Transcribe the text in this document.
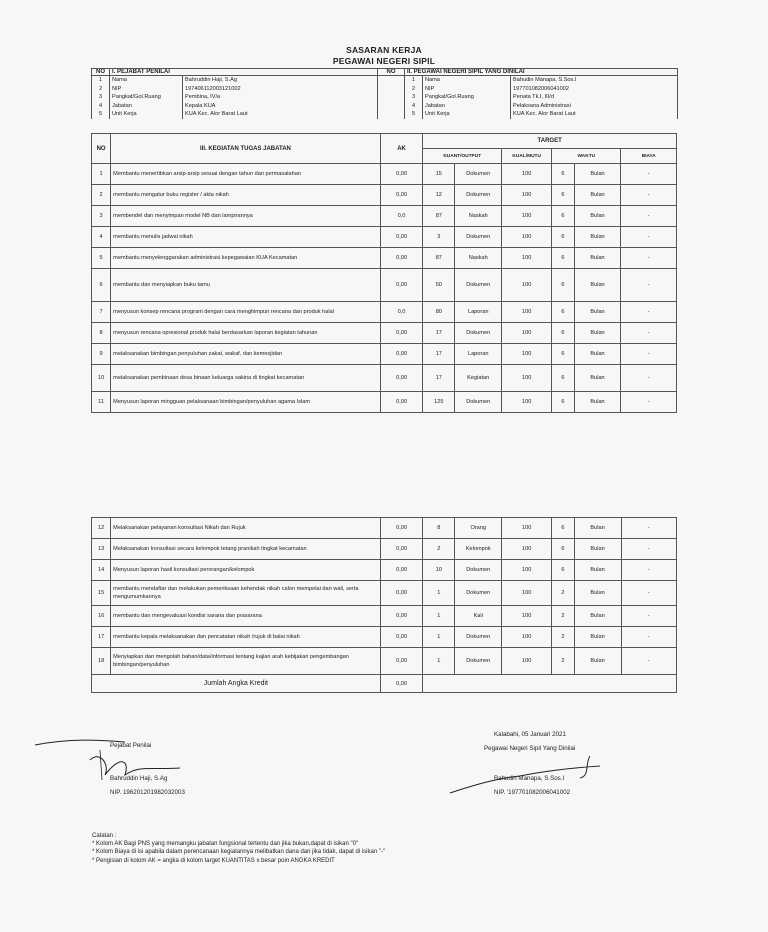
SASARAN KERJA
PEGAWAI NEGERI SIPIL
NO	I. PEJABAT PENILAI		NO	II. PEGAWAI NEGERI SIPIL YANG DINILAI		
1	Nama	Bahruddin Haji, S.Ag		1	Nama	Bahudin Manapa, S.Sos.I
2	NIP	197406112003121002		2	NIP	197701082006041002
3	Pangkat/Gol.Ruang	Pembina, IV/a		3	Pangkat/Gol.Ruang	Penata Tk.I, III/d
4	Jabatan	Kepala KUA		4	Jabatan	Pelaksana Administrasi
5	Unit Kerja	KUA Kec. Alor Barat Laut		5	Unit Kerja	KUA Kec. Alor Barat Laut
NO	III. KEGIATAN TUGAS JABATAN	AK	TARGET					
			KUANT/OUTPUT		KUAL/MUTU	WAKTU		BIAYA
1	Membantu menertibkan arsip-arsip sesuai dengan tahun dan permasalahan	0,00	15	Dokumen	100	6	Bulan	-
2	membantu mengatur buku register / akta nikah	0,00	12	Dokumen	100	6	Bulan	-
3	membendel dan menyimpan model NB dan lampirannya	0,0	87	Naskah	100	6	Bulan	-
4	membantu menulis jadwal nikah	0,00	3	Dokumen	100	6	Bulan	-
5	membantu menyelenggarakan administrasi kepegawaian KUA Kecamatan	0,00	87	Naskah	100	6	Bulan	-
6	membantu dan menyiapkan buku tamu	0,00	50	Dokumen	100	6	Bulan	-
7	menyusun konsep rencana program dengan cara menghimpun rencana dan produk halal	0,0	80	Laporan	100	6	Bulan	-
8	menyusun rencana opresional produk halal berdasarkan laporan kegiatan tahunan	0,00	17	Dokumen	100	6	Bulan	-
9	melaksanakan bimbingan penyuluhan zakat, wakaf, dan kemesjidan	0,00	17	Laporan	100	6	Bulan	-
10	melaksanakan pembinaan desa binaan keluarga sakina di tingkat kecamatan	0,00	17	Kegiatan	100	6	Bulan	-
11	Menyusun laporan mingguan pelaksanaan bimbingan/penyuluhan agama Islam	0,00	125	Dokumen	100	6	Bulan	-
12	Melaksanakan pelayanan konsultasi Nikah dan Rujuk	0,00	8	Orang	100	6	Bulan	-
13	Melaksanakan konsultasi secara kelompok tetang pranikah tingkat kecamatan	0,00	2	Kelompok	100	6	Bulan	-
14	Menyusun laporan hasil konsultasi perorangan/kelompok	0,00	10	Dokumen	100	6	Bulan	-
15	membantu mendaftar dan melakukan pemeriksaan kehendak nikah calon mempelai dan wali, serta mengumumkannya	0,00	1	Dokumen	100	2	Bulan	-
16	membantu dan mengevaluasi kondisi sarana dan prasarana	0,00	1	Kali	100	2	Bulan	-
17	membantu kepala melaksanakan dan pencatatan nikah /rujuk di balai nikah	0,00	1	Dokumen	100	2	Bulan	-
18	Menyiapkan dan mengolah bahan/data/informasi tentang kajian arah kebijakan pengembangan bimbingan/penyuluhan	0,00	1	Dokumen	100	2	Bulan	-
Jumlah Angka Kredit		0,00						
Pejabat Penilai
Bahruddin Haji, S.Ag
NIP. 196201201982032003
Kalabahi, 05 Januari 2021
Pegawai Negeri Sipil Yang Dinilai
Bahudin Manapa, S.Sos.I
NIP. '197701082006041002
Catatan :
* Kolom AK Bagi PNS yang memangku jabatan fungsional tertentu dan jika bukan,dapat di isikan "0"
* Kolom Biaya di isi apabila dalam perencanaan kegiatannya melibatkan dana dan jika tidak, dapat di isikan "-"
* Pengisian di kolom AK = angka di kolom target KUANTITAS x besar poin ANGKA KREDIT
